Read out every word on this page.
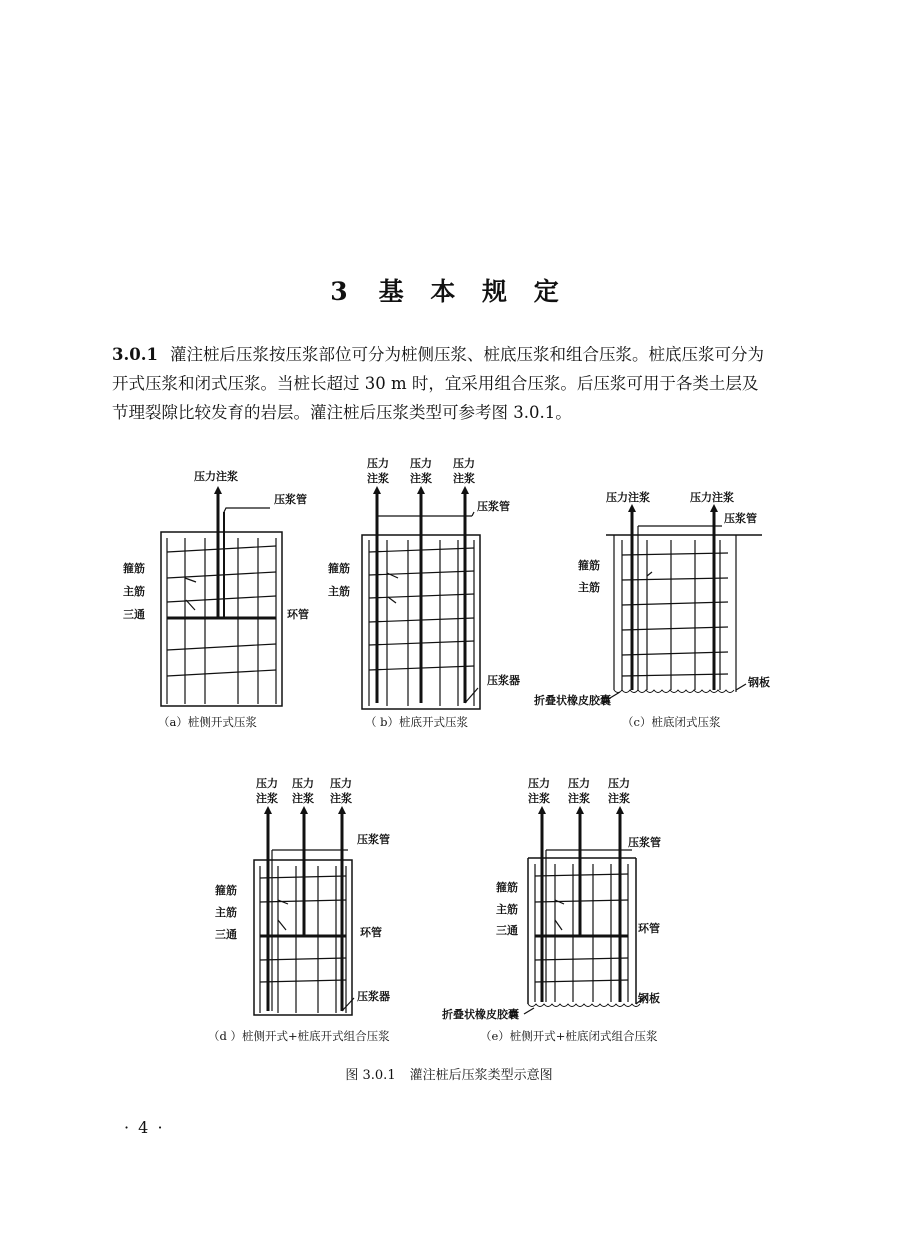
3 基 本 规 定
3.0.1 灌注桩后压浆按压浆部位可分为桩侧压浆、桩底压浆和组合压浆。桩底压浆可分为
开式压浆和闭式压浆。当桩长超过 30 m 时，宜采用组合压浆。后压浆可用于各类土层及
节理裂隙比较发育的岩层。灌注桩后压浆类型可参考图 3.0.1。
压力注浆
压浆管
箍筋
主筋
三通	环管
（a）桩侧开式压浆
压力
注浆
压力
注浆
压力
注浆
压浆管
箍筋
主筋
压浆器
（ b）桩底开式压浆
压力注浆	压力注浆
压浆管
箍筋
主筋
钢板
折叠状橡皮胶囊
（c）桩底闭式压浆
压力
注浆
压力
注浆
压力
注浆
压浆管
箍筋
主筋
三通	环管
压浆器
（d ）桩侧开式+桩底开式组合压浆
压力
注浆
压力
注浆
压力
注浆
压浆管
箍筋
主筋
三通	环管
钢板
折叠状橡皮胶囊
（e）桩侧开式+桩底闭式组合压浆
图 3.0.1 灌注桩后压浆类型示意图
· 4 ·
